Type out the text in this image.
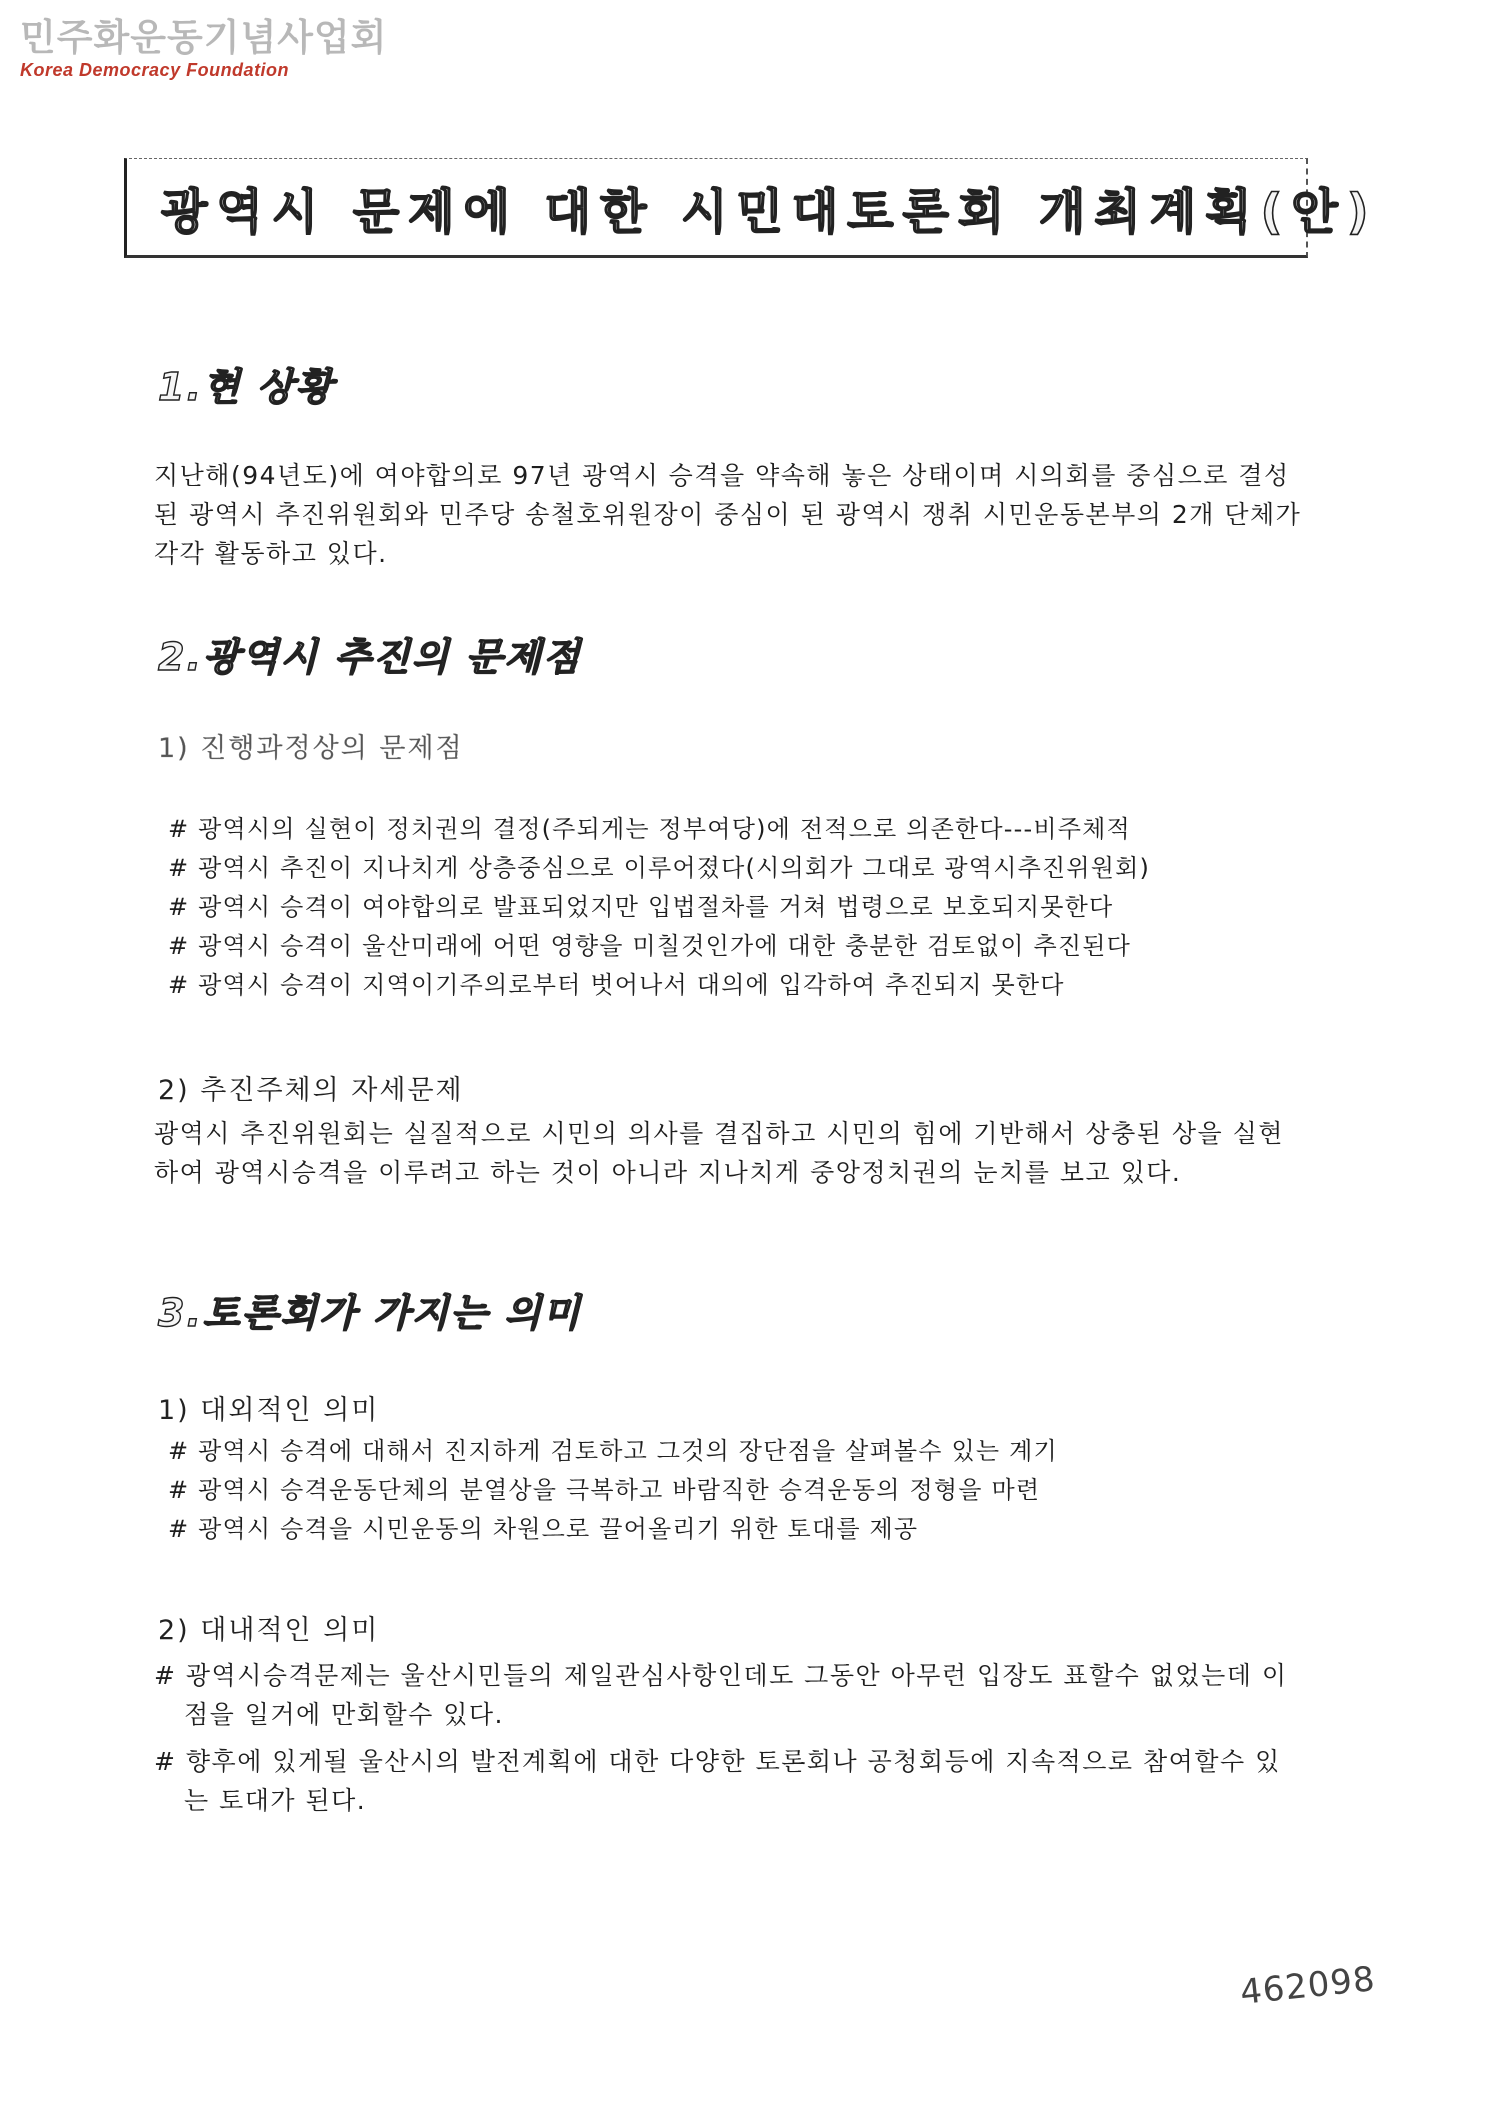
민주화운동기념사업회
Korea Democracy Foundation
광역시 문제에 대한 시민대토론회 개최계획(안)
1.현 상황

지난해(94년도)에 여야합의로 97년 광역시 승격을 약속해 놓은 상태이며 시의회를 중심으로 결성된 광역시 추진위원회와 민주당 송철호위원장이 중심이 된 광역시 쟁취 시민운동본부의 2개 단체가 각각 활동하고 있다.

2.광역시 추진의 문제점
1) 진행과정상의 문제점
# 광역시의 실현이 정치권의 결정(주되게는 정부여당)에 전적으로 의존한다---비주체적
# 광역시 추진이 지나치게 상층중심으로 이루어졌다(시의회가 그대로 광역시추진위원회)
# 광역시 승격이 여야합의로 발표되었지만 입법절차를 거쳐 법령으로 보호되지못한다
# 광역시 승격이 울산미래에 어떤 영향을 미칠것인가에 대한 충분한 검토없이 추진된다
# 광역시 승격이 지역이기주의로부터 벗어나서 대의에 입각하여 추진되지 못한다
2) 추진주체의 자세문제

광역시 추진위원회는 실질적으로 시민의 의사를 결집하고 시민의 힘에 기반해서 상충된 상을 실현하여 광역시승격을 이루려고 하는 것이 아니라 지나치게 중앙정치권의 눈치를 보고 있다.

3.토론회가 가지는 의미
1) 대외적인 의미
# 광역시 승격에 대해서 진지하게 검토하고 그것의 장단점을 살펴볼수 있는 계기
# 광역시 승격운동단체의 분열상을 극복하고 바람직한 승격운동의 정형을 마련
# 광역시 승격을 시민운동의 차원으로 끌어올리기 위한 토대를 제공
2) 대내적인 의미
# 광역시승격문제는 울산시민들의 제일관심사항인데도 그동안 아무런 입장도 표할수 없었는데 이점을 일거에 만회할수 있다.
# 향후에 있게될 울산시의 발전계획에 대한 다양한 토론회나 공청회등에 지속적으로 참여할수 있는 토대가 된다.
462098
